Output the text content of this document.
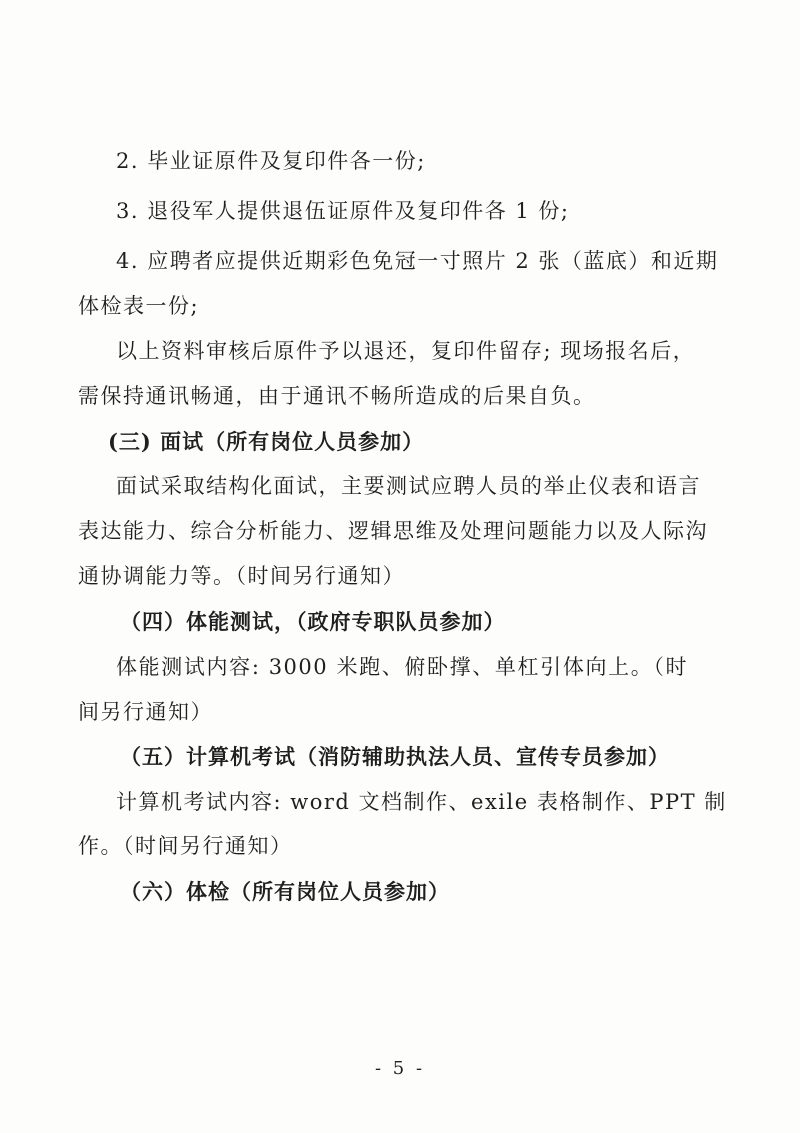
2. 毕业证原件及复印件各一份;
3. 退役军人提供退伍证原件及复印件各 1 份;
4. 应聘者应提供近期彩色免冠一寸照片 2 张（蓝底）和近期
体检表一份;
以上资料审核后原件予以退还，复印件留存; 现场报名后，
需保持通讯畅通，由于通讯不畅所造成的后果自负。
(三) 面试（所有岗位人员参加）
面试采取结构化面试，主要测试应聘人员的举止仪表和语言
表达能力、综合分析能力、逻辑思维及处理问题能力以及人际沟
通协调能力等。（时间另行通知）
（四）体能测试，（政府专职队员参加）
体能测试内容: 3000 米跑、俯卧撑、单杠引体向上。（时
间另行通知）
（五）计算机考试（消防辅助执法人员、宣传专员参加）
计算机考试内容: word 文档制作、exile 表格制作、PPT 制
作。（时间另行通知）
（六）体检（所有岗位人员参加）
- 5 -
